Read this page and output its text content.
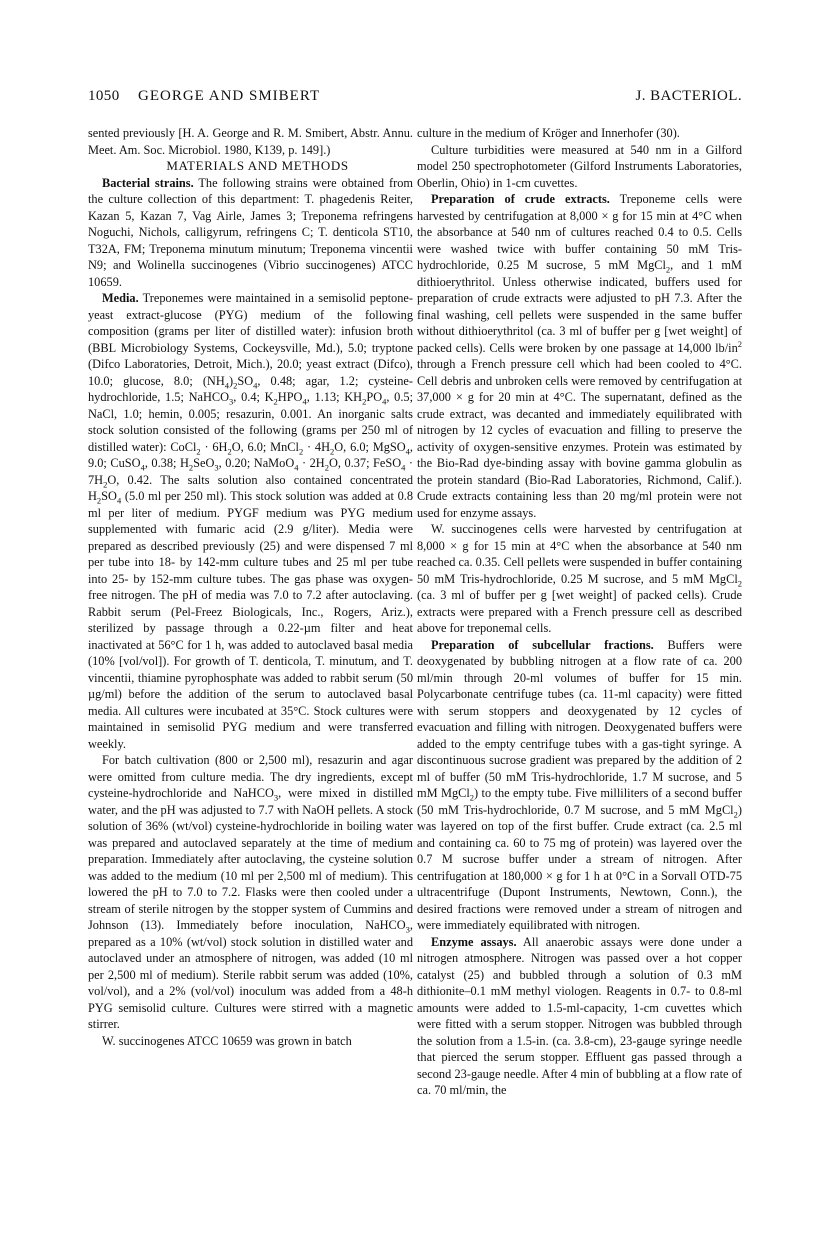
1050 GEORGE AND SMIBERT	J. BACTERIOL.

sented previously [H. A. George and R. M. Smibert, Abstr. Annu. Meet. Am. Soc. Microbiol. 1980, K139, p. 149].)

MATERIALS AND METHODS

Bacterial strains. The following strains were obtained from the culture collection of this department: T. phagedenis Reiter, Kazan 5, Kazan 7, Vag Airle, James 3; Treponema refringens Noguchi, Nichols, calligyrum, refringens C; T. denticola ST10, T32A, FM; Treponema minutum minutum; Treponema vincentii N9; and Wolinella succinogenes (Vibrio succinogenes) ATCC 10659.

Media. Treponemes were maintained in a semisolid peptone-yeast extract-glucose (PYG) medium of the following composition (grams per liter of distilled water): infusion broth (BBL Microbiology Systems, Cockeysville, Md.), 5.0; tryptone (Difco Laboratories, Detroit, Mich.), 20.0; yeast extract (Difco), 10.0; glucose, 8.0; $(NH_4)_2SO_4$, 0.48; agar, 1.2; cysteine-hydrochloride, 1.5; NaHCO$_3$, 0.4; $K_2HPO_4$, 1.13; $KH_2PO_4$, 0.5; NaCl, 1.0; hemin, 0.005; resazurin, 0.001. An inorganic salts stock solution consisted of the following (grams per 250 ml of distilled water): CoCl$_2$ · $6H_2O$, 6.0; MnCl$_2$ · $4H_2O$, 6.0; MgSO$_4$, 9.0; CuSO$_4$, 0.38; $H_2SeO_3$, 0.20; NaMoO$_4$ · $2H_2O$, 0.37; FeSO$_4$ · $7H_2O$, 0.42. The salts solution also contained concentrated $H_2SO_4$ (5.0 ml per 250 ml). This stock solution was added at 0.8 ml per liter of medium. PYGF medium was PYG medium supplemented with fumaric acid (2.9 g/liter). Media were prepared as described previously (25) and were dispensed 7 ml per tube into 18- by 142-mm culture tubes and 25 ml per tube into 25- by 152-mm culture tubes. The gas phase was oxygen-free nitrogen. The pH of media was 7.0 to 7.2 after autoclaving. Rabbit serum (Pel-Freez Biologicals, Inc., Rogers, Ariz.), sterilized by passage through a 0.22-µm filter and heat inactivated at 56°C for 1 h, was added to autoclaved basal media (10% [vol/vol]). For growth of T. denticola, T. minutum, and T. vincentii, thiamine pyrophosphate was added to rabbit serum (50 µg/ml) before the addition of the serum to autoclaved basal media. All cultures were incubated at 35°C. Stock cultures were maintained in semisolid PYG medium and were transferred weekly.

For batch cultivation (800 or 2,500 ml), resazurin and agar were omitted from culture media. The dry ingredients, except cysteine-hydrochloride and NaHCO$_3$, were mixed in distilled water, and the pH was adjusted to 7.7 with NaOH pellets. A stock solution of 36% (wt/vol) cysteine-hydrochloride in boiling water was prepared and autoclaved separately at the time of medium preparation. Immediately after autoclaving, the cysteine solution was added to the medium (10 ml per 2,500 ml of medium). This lowered the pH to 7.0 to 7.2. Flasks were then cooled under a stream of sterile nitrogen by the stopper system of Cummins and Johnson (13). Immediately before inoculation, NaHCO$_3$, prepared as a 10% (wt/vol) stock solution in distilled water and autoclaved under an atmosphere of nitrogen, was added (10 ml per 2,500 ml of medium). Sterile rabbit serum was added (10%, vol/vol), and a 2% (vol/vol) inoculum was added from a 48-h PYG semisolid culture. Cultures were stirred with a magnetic stirrer.

W. succinogenes ATCC 10659 was grown in batch

culture in the medium of Kröger and Innerhofer (30).

Culture turbidities were measured at 540 nm in a Gilford model 250 spectrophotometer (Gilford Instruments Laboratories, Oberlin, Ohio) in 1-cm cuvettes.

Preparation of crude extracts. Treponeme cells were harvested by centrifugation at 8,000 × g for 15 min at 4°C when the absorbance at 540 nm of cultures reached 0.4 to 0.5. Cells were washed twice with buffer containing 50 mM Tris-hydrochloride, 0.25 M sucrose, 5 mM MgCl$_2$, and 1 mM dithioerythritol. Unless otherwise indicated, buffers used for preparation of crude extracts were adjusted to pH 7.3. After the final washing, cell pellets were suspended in the same buffer without dithioerythritol (ca. 3 ml of buffer per g [wet weight] of packed cells). Cells were broken by one passage at 14,000 $lb/in^2$ through a French pressure cell which had been cooled to 4°C. Cell debris and unbroken cells were removed by centrifugation at 37,000 × g for 20 min at 4°C. The supernatant, defined as the crude extract, was decanted and immediately equilibrated with nitrogen by 12 cycles of evacuation and filling to preserve the activity of oxygen-sensitive enzymes. Protein was estimated by the Bio-Rad dye-binding assay with bovine gamma globulin as the protein standard (Bio-Rad Laboratories, Richmond, Calif.). Crude extracts containing less than 20 mg/ml protein were not used for enzyme assays.

W. succinogenes cells were harvested by centrifugation at 8,000 × g for 15 min at 4°C when the absorbance at 540 nm reached ca. 0.35. Cell pellets were suspended in buffer containing 50 mM Tris-hydrochloride, 0.25 M sucrose, and 5 mM MgCl$_2$ (ca. 3 ml of buffer per g [wet weight] of packed cells). Crude extracts were prepared with a French pressure cell as described above for treponemal cells.

Preparation of subcellular fractions. Buffers were deoxygenated by bubbling nitrogen at a flow rate of ca. 200 ml/min through 20-ml volumes of buffer for 15 min. Polycarbonate centrifuge tubes (ca. 11-ml capacity) were fitted with serum stoppers and deoxygenated by 12 cycles of evacuation and filling with nitrogen. Deoxygenated buffers were added to the empty centrifuge tubes with a gas-tight syringe. A discontinuous sucrose gradient was prepared by the addition of 2 ml of buffer (50 mM Tris-hydrochloride, 1.7 M sucrose, and 5 mM MgCl$_2$) to the empty tube. Five milliliters of a second buffer (50 mM Tris-hydrochloride, 0.7 M sucrose, and 5 mM MgCl$_2$) was layered on top of the first buffer. Crude extract (ca. 2.5 ml and containing ca. 60 to 75 mg of protein) was layered over the 0.7 M sucrose buffer under a stream of nitrogen. After centrifugation at 180,000 × g for 1 h at 0°C in a Sorvall OTD-75 ultracentrifuge (Dupont Instruments, Newtown, Conn.), the desired fractions were removed under a stream of nitrogen and were immediately equilibrated with nitrogen.

Enzyme assays. All anaerobic assays were done under a nitrogen atmosphere. Nitrogen was passed over a hot copper catalyst (25) and bubbled through a solution of 0.3 mM dithionite–0.1 mM methyl viologen. Reagents in 0.7- to 0.8-ml amounts were added to 1.5-ml-capacity, 1-cm cuvettes which were fitted with a serum stopper. Nitrogen was bubbled through the solution from a 1.5-in. (ca. 3.8-cm), 23-gauge syringe needle that pierced the serum stopper. Effluent gas passed through a second 23-gauge needle. After 4 min of bubbling at a flow rate of ca. 70 ml/min, the
